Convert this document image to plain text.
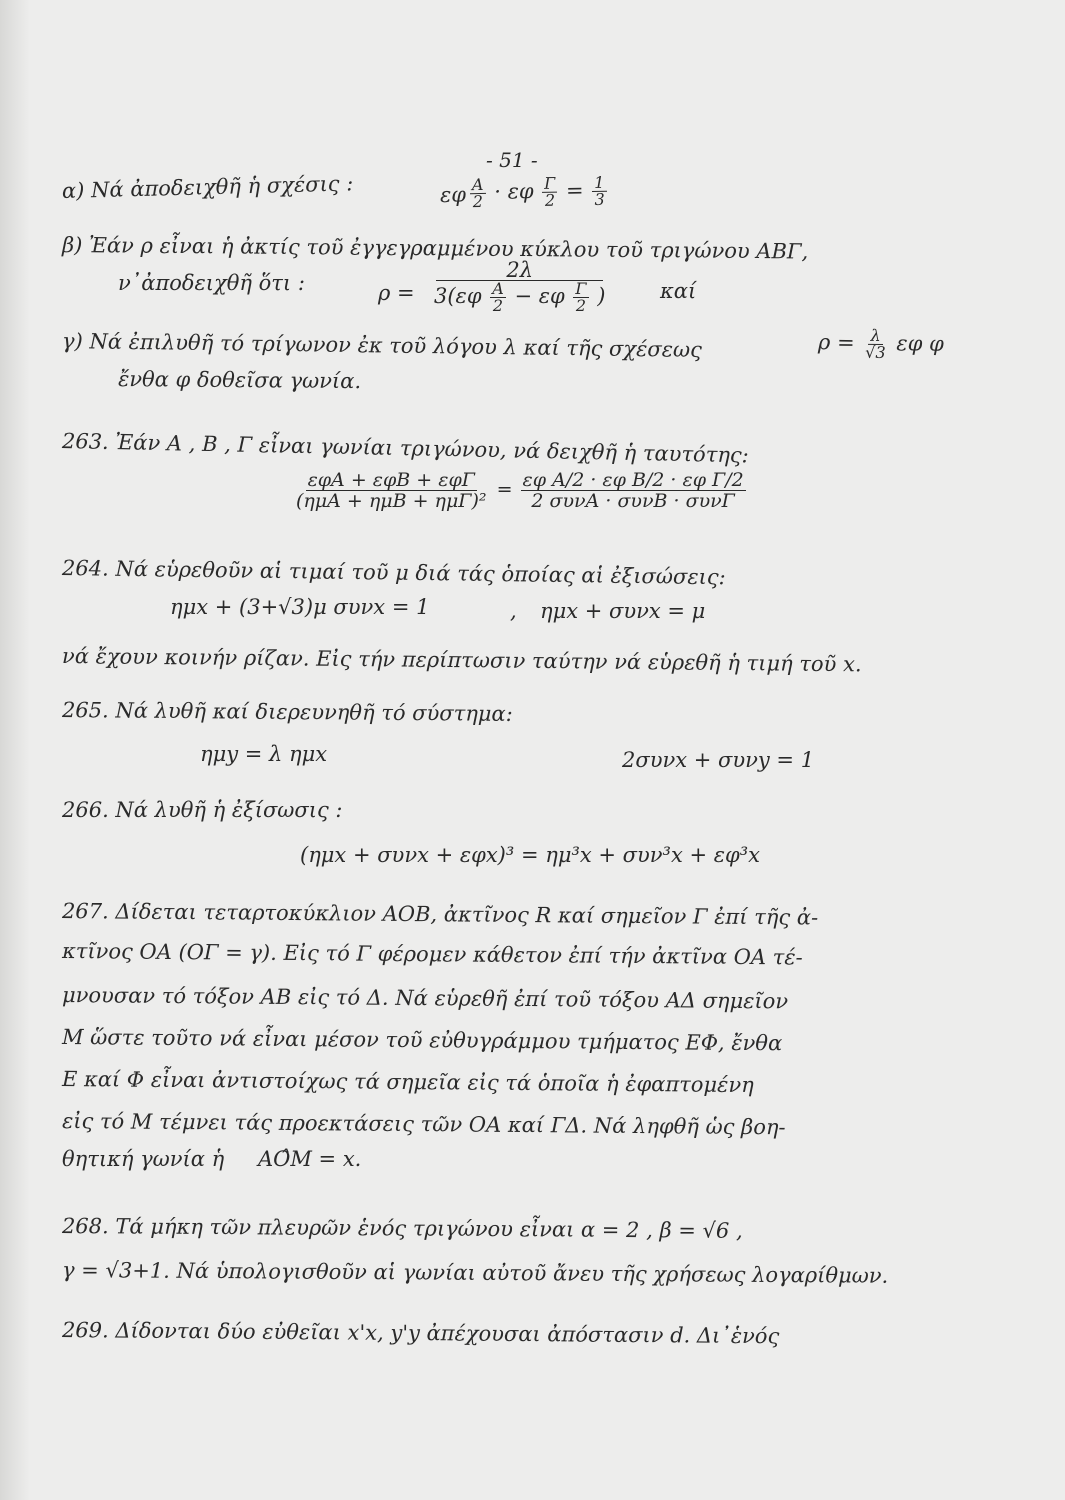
- 51 -
α) Νά ἀποδειχθῆ ἡ σχέσις :	εφ
β) Ἐάν ρ εἶναι ἡ ἀκτίς τοῦ ἐγγεγραμμένου κύκλου τοῦ τριγώνου ΑΒΓ,
ν᾽ἀποδειχθῆ ὅτι :	ρ =	καί
γ) Νά ἐπιλυθῆ τό τρίγωνον ἐκ τοῦ λόγου λ καί τῆς σχέσεως
ἔνθα φ δοθεῖσα γωνία.
263. Ἐάν Α , Β , Γ εἶναι γωνίαι τριγώνου, νά δειχθῆ ἡ ταυτότης:
264. Νά εὑρεθοῦν αἱ τιμαί τοῦ μ διά τάς ὁποίας αἱ ἐξισώσεις:
ημx + (3+√3)μ συνx = 1	, ημx + συνx = μ
νά ἔχουν κοινήν ρίζαν. Εἰς τήν περίπτωσιν ταύτην νά εὑρεθῆ ἡ τιμή τοῦ x.
265. Νά λυθῆ καί διερευνηθῆ τό σύστημα:
ημy = λ ημx	2συνx + συνy = 1
266. Νά λυθῆ ἡ ἐξίσωσις :
267. Δίδεται τεταρτοκύκλιον ΑΟΒ, ἀκτῖνος R καί σημεῖον Γ ἐπί τῆς ἀ-
κτῖνος ΟΑ (ΟΓ = γ). Εἰς τό Γ φέρομεν κάθετον ἐπί τήν ἀκτῖνα ΟΑ τέ-
μνουσαν τό τόξον ΑΒ εἰς τό Δ. Νά εὑρεθῆ ἐπί τοῦ τόξου ΑΔ σημεῖον
Μ ὥστε τοῦτο νά εἶναι μέσον τοῦ εὐθυγράμμου τμήματος ΕΦ, ἔνθα
Ε καί Φ εἶναι ἀντιστοίχως τά σημεῖα εἰς τά ὁποῖα ἡ ἐφαπτομένη
εἰς τό Μ τέμνει τάς προεκτάσεις τῶν ΟΑ καί ΓΔ. Νά ληφθῆ ὡς βοη-
θητική γωνία ἡ ΑΟ̂Μ = x.
268. Τά μήκη τῶν πλευρῶν ἑνός τριγώνου εἶναι α = 2 , β = √6 ,
γ = √3+1. Νά ὑπολογισθοῦν αἱ γωνίαι αὐτοῦ ἄνευ τῆς χρήσεως λογαρίθμων.
269. Δίδονται δύο εὐθεῖαι x'x, y'y ἀπέχουσαι ἀπόστασιν d. Δι᾽ἑνός
$\frac{A}{2} \cdot \varepsilon\varphi \frac{\Gamma}{2} = \frac{1}{3}$
$\frac{2\lambda}{3(\varepsilon\varphi \frac{A}{2} - \varepsilon\varphi \frac{\Gamma}{2} )}$
$\rho = \frac{\lambda}{√3}$ εφ φ
$\frac{\text{εφΑ + εφΒ + εφΓ}}{\text{(ημΑ + ημΒ + ημΓ)²}} = \frac{\text{εφ A/2 · εφ B/2 · εφ Γ/2}}{\text{2 συνΑ · συνΒ · συνΓ}}$
(ημx + συνx + εφx)³ = ημ³x + συν³x + εφ³x
